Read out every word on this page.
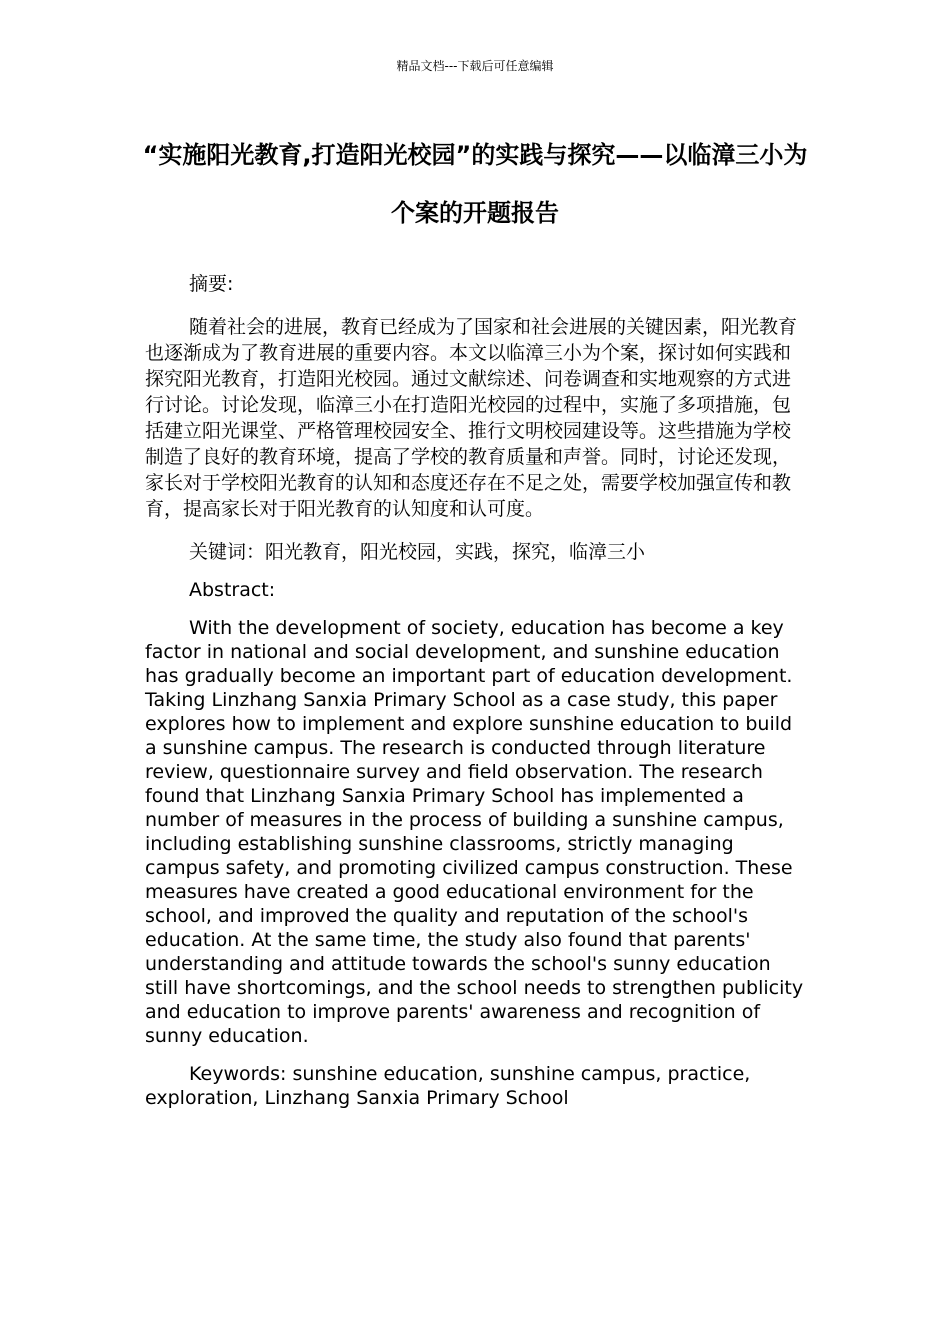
精品文档---下载后可任意编辑
“实施阳光教育,打造阳光校园”的实践与探究——以临漳三小为个案的开题报告

摘要:

随着社会的进展，教育已经成为了国家和社会进展的关键因素，阳光教育也逐渐成为了教育进展的重要内容。本文以临漳三小为个案，探讨如何实践和探究阳光教育，打造阳光校园。通过文献综述、问卷调查和实地观察的方式进行讨论。讨论发现，临漳三小在打造阳光校园的过程中，实施了多项措施，包括建立阳光课堂、严格管理校园安全、推行文明校园建设等。这些措施为学校制造了良好的教育环境，提高了学校的教育质量和声誉。同时，讨论还发现，家长对于学校阳光教育的认知和态度还存在不足之处，需要学校加强宣传和教育，提高家长对于阳光教育的认知度和认可度。

关键词：阳光教育，阳光校园，实践，探究，临漳三小

Abstract:

With the development of society, education has become a key factor in national and social development, and sunshine education has gradually become an important part of education development. Taking Linzhang Sanxia Primary School as a case study, this paper explores how to implement and explore sunshine education to build a sunshine campus. The research is conducted through literature review, questionnaire survey and field observation. The research found that Linzhang Sanxia Primary School has implemented a number of measures in the process of building a sunshine campus, including establishing sunshine classrooms, strictly managing campus safety, and promoting civilized campus construction. These measures have created a good educational environment for the school, and improved the quality and reputation of the school's education. At the same time, the study also found that parents' understanding and attitude towards the school's sunny education still have shortcomings, and the school needs to strengthen publicity and education to improve parents' awareness and recognition of sunny education.

Keywords: sunshine education, sunshine campus, practice, exploration, Linzhang Sanxia Primary School
